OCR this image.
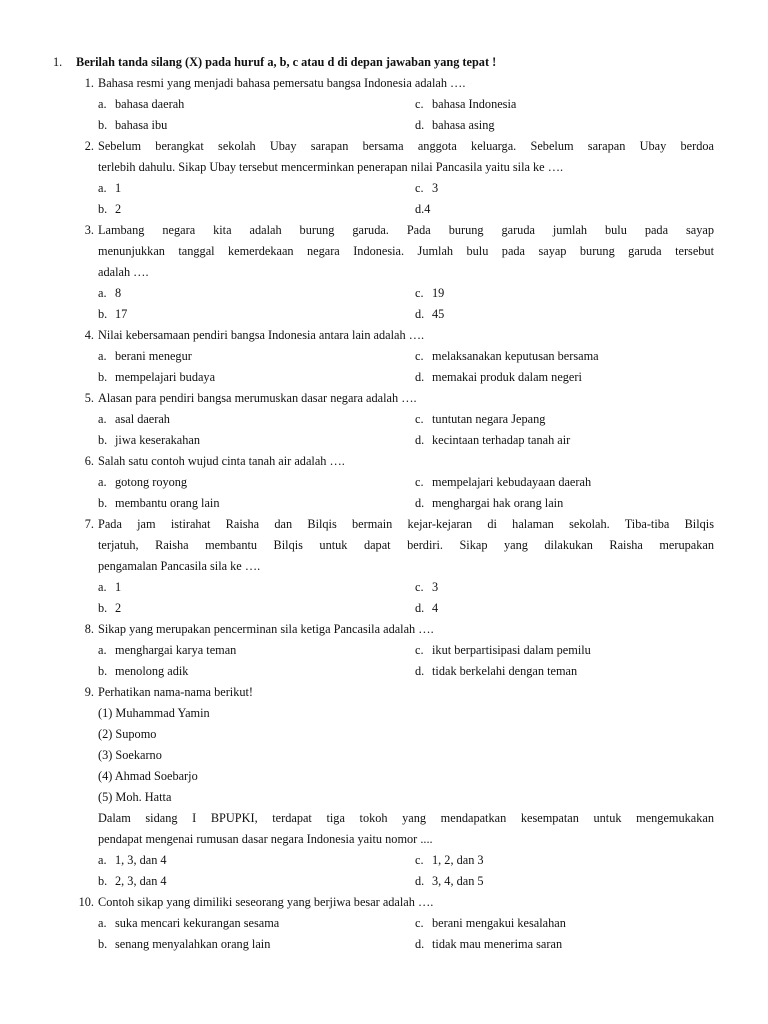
1. Berilah tanda silang (X) pada huruf a, b, c atau d di depan jawaban yang tepat !
1. Bahasa resmi yang menjadi bahasa pemersatu bangsa Indonesia adalah ….
a. bahasa daerah
b. bahasa ibu
c. bahasa Indonesia
d. bahasa asing
2. Sebelum berangkat sekolah Ubay sarapan bersama anggota keluarga. Sebelum sarapan Ubay berdoa
terlebih dahulu. Sikap Ubay tersebut mencerminkan penerapan nilai Pancasila yaitu sila ke ….
a. 1
b. 2
c. 3
d.4
3. Lambang negara kita adalah burung garuda. Pada burung garuda jumlah bulu pada sayap
menunjukkan tanggal kemerdekaan negara Indonesia. Jumlah bulu pada sayap burung garuda tersebut
adalah ….
a. 8
b. 17
c. 19
d. 45
4. Nilai kebersamaan pendiri bangsa Indonesia antara lain adalah ….
a. berani menegur
b. mempelajari budaya
c. melaksanakan keputusan bersama
d. memakai produk dalam negeri
5. Alasan para pendiri bangsa merumuskan dasar negara adalah ….
a. asal daerah
b. jiwa keserakahan
c. tuntutan negara Jepang
d. kecintaan terhadap tanah air
6. Salah satu contoh wujud cinta tanah air adalah ….
a. gotong royong
b. membantu orang lain
c. mempelajari kebudayaan daerah
d. menghargai hak orang lain
7. Pada jam istirahat Raisha dan Bilqis bermain kejar-kejaran di halaman sekolah. Tiba-tiba Bilqis
terjatuh, Raisha membantu Bilqis untuk dapat berdiri. Sikap yang dilakukan Raisha merupakan
pengamalan Pancasila sila ke ….
a. 1
b. 2
c. 3
d. 4
8. Sikap yang merupakan pencerminan sila ketiga Pancasila adalah ….
a. menghargai karya teman
b. menolong adik
c. ikut berpartisipasi dalam pemilu
d. tidak berkelahi dengan teman
9. Perhatikan nama-nama berikut!
(1) Muhammad Yamin
(2) Supomo
(3) Soekarno
(4) Ahmad Soebarjo
(5) Moh. Hatta
Dalam sidang I BPUPKI, terdapat tiga tokoh yang mendapatkan kesempatan untuk mengemukakan
pendapat mengenai rumusan dasar negara Indonesia yaitu nomor ....
a. 1, 3, dan 4
b. 2, 3, dan 4
c. 1, 2, dan 3
d. 3, 4, dan 5
10. Contoh sikap yang dimiliki seseorang yang berjiwa besar adalah ….
a. suka mencari kekurangan sesama
b. senang menyalahkan orang lain
c. berani mengakui kesalahan
d. tidak mau menerima saran
